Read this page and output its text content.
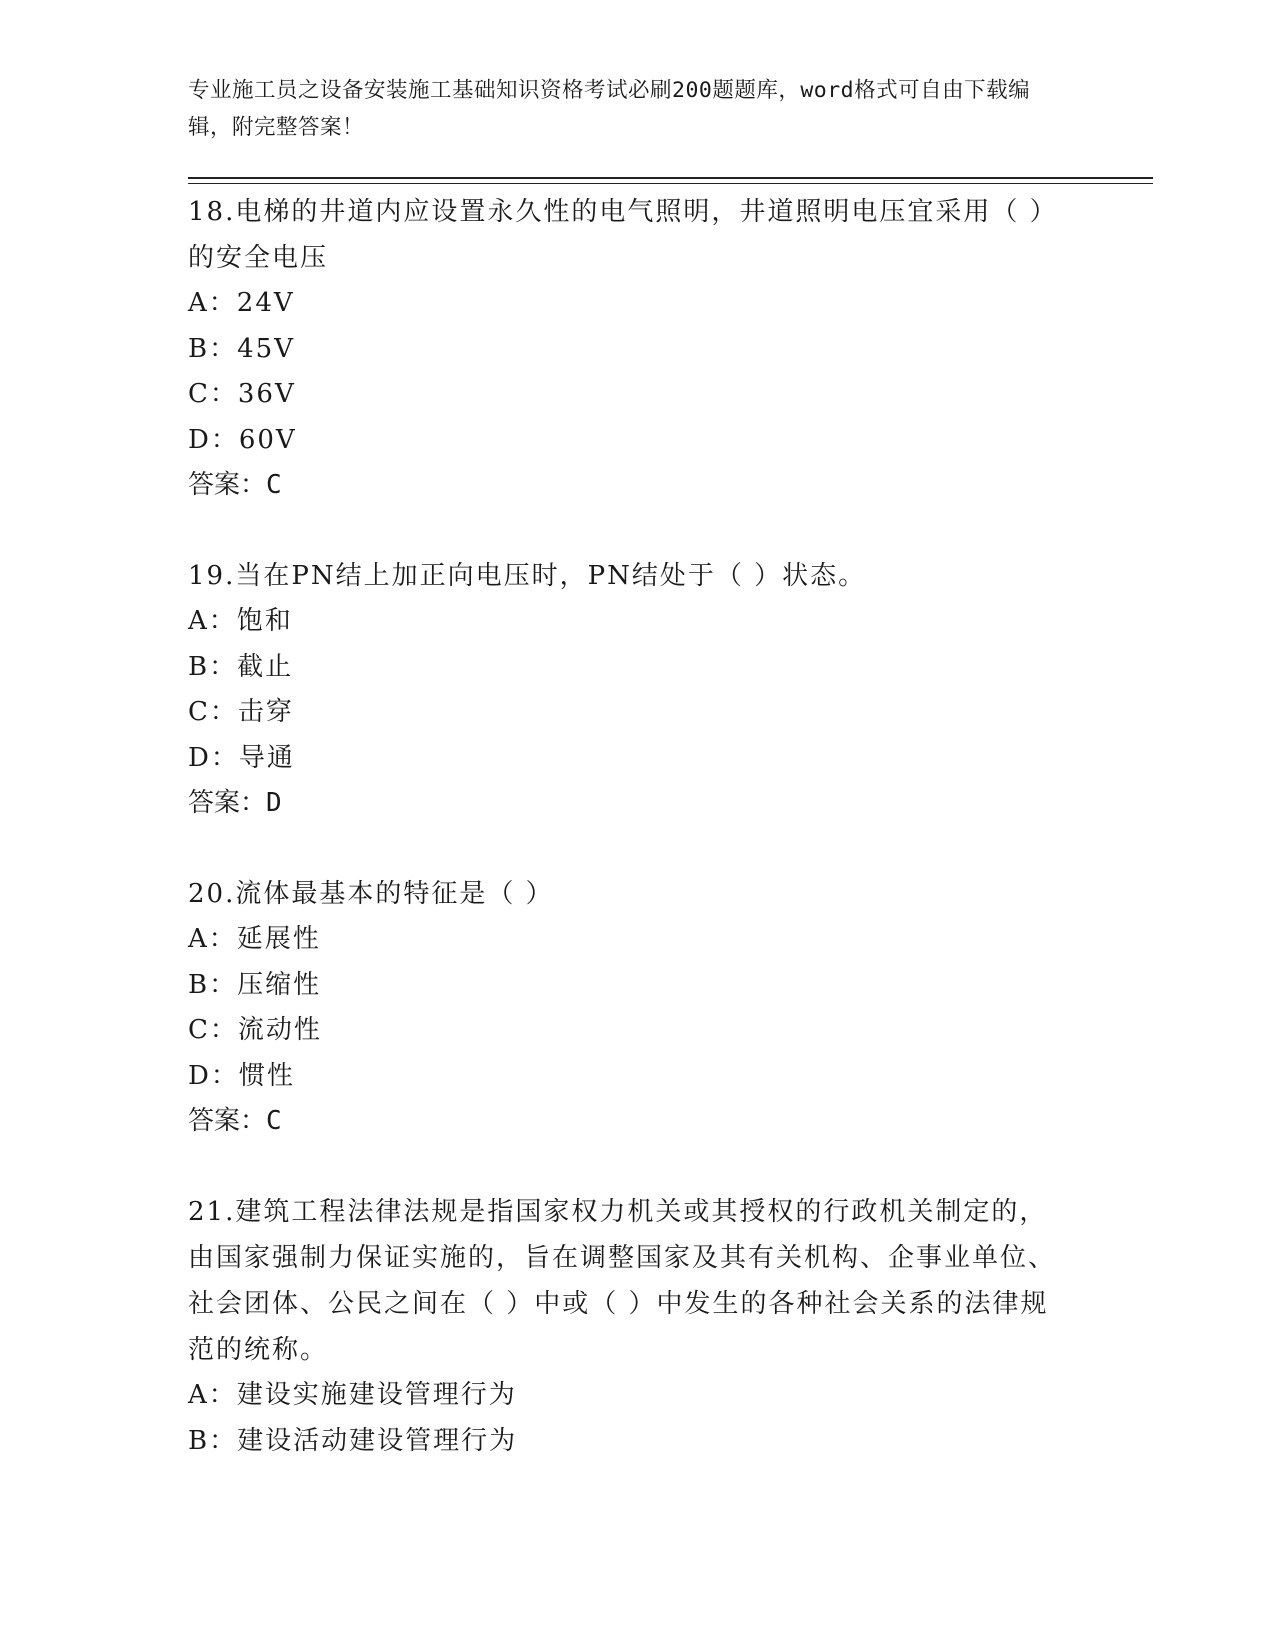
专业施工员之设备安装施工基础知识资格考试必刷200题题库，word格式可自由下载编辑，附完整答案！
18.电梯的井道内应设置永久性的电气照明，井道照明电压宜采用（ ）的安全电压
A：24V
B：45V
C：36V
D：60V
答案：C
19.当在PN结上加正向电压时，PN结处于（ ）状态。
A：饱和
B：截止
C：击穿
D：导通
答案：D
20.流体最基本的特征是（ ）
A：延展性
B：压缩性
C：流动性
D：惯性
答案：C
21.建筑工程法律法规是指国家权力机关或其授权的行政机关制定的，由国家强制力保证实施的，旨在调整国家及其有关机构、企事业单位、社会团体、公民之间在（ ）中或（ ）中发生的各种社会关系的法律规范的统称。
A：建设实施建设管理行为
B：建设活动建设管理行为
